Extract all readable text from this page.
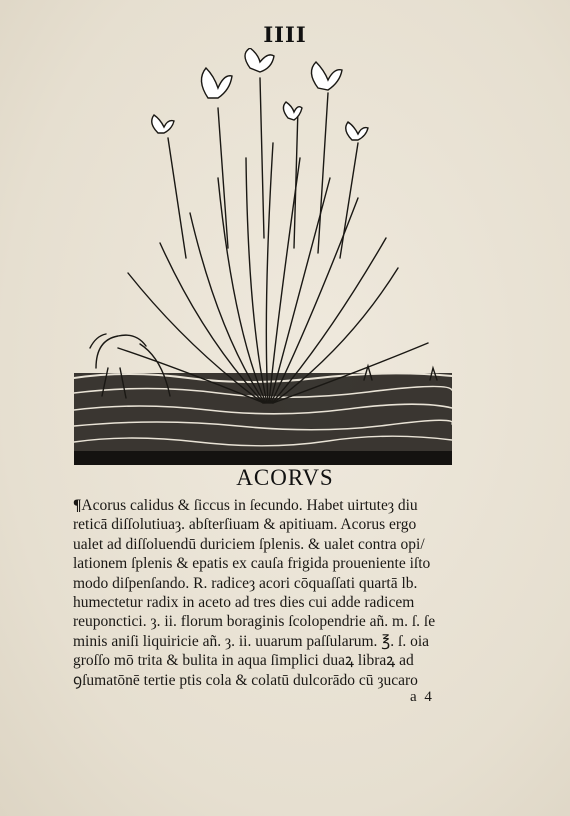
IIII
ACORVS
¶Acorus calidus & ſiccus in ſecundo. Habet uirtuteȝ diu
reticā diſſolutiuaȝ. abſterſiuam & apitiuam. Acorus ergo
ualet ad diſſoluendū duriciem ſplenis. & ualet contra opi/
lationem ſplenis & epatis ex cauſa frigida proueniente iſto
modo diſpenſando. R. radiceȝ acori cōquaſſati quartā lb.
humectetur radix in aceto ad tres dies cui adde radicem
reuponctici. ȝ. ii. florum boraginis ſcolopendrie añ. m. ſ. ſe
minis aniſi liquiricie añ. ȝ. ii. uuarum paſſularum. ℥. ſ. oia
groſſo mō trita & bulita in aqua ſimplici duaꝝ libraꝝ ad
ꝯſumatōnē tertie ptis cola & colatū dulcorādo cū ȝucaro
a 4
